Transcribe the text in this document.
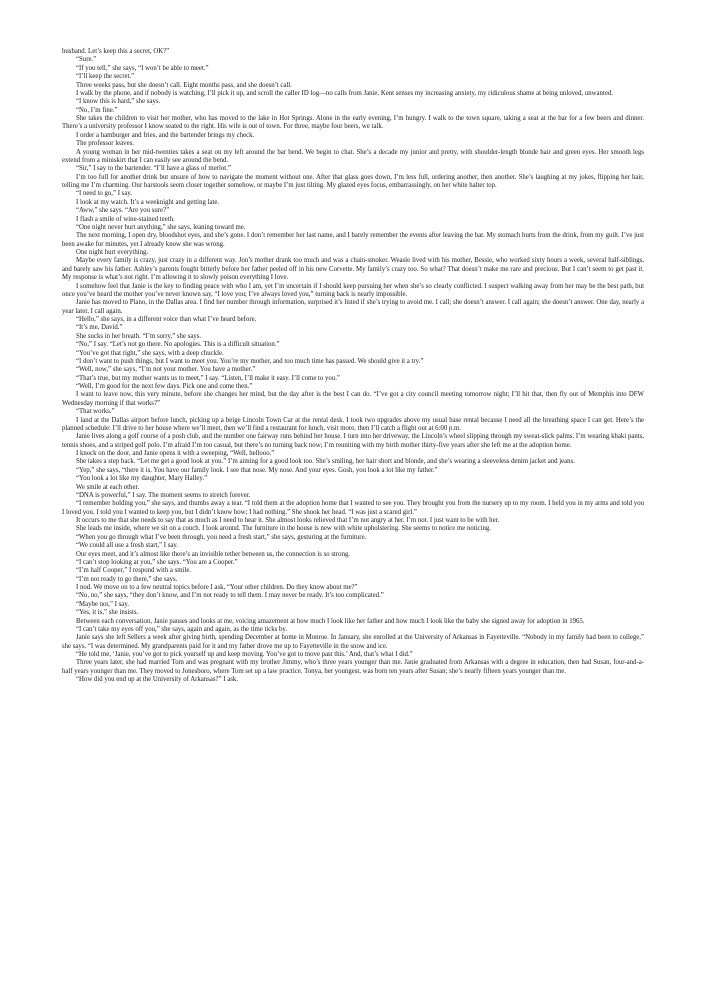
husband. Let’s keep this a secret, OK?”

“Sure.”

“If you tell,” she says, “I won’t be able to meet.”

“I’ll keep the secret.”

Three weeks pass, but she doesn’t call. Eight months pass, and she doesn’t call.

I walk by the phone, and if nobody is watching, I’ll pick it up, and scroll the caller ID log—no calls from Janie. Kent senses my increasing anxiety, my ridiculous shame at being unloved, unwanted.

“I know this is hard,” she says.

“No, I’m fine.”

She takes the children to visit her mother, who has moved to the lake in Hot Springs. Alone in the early evening, I’m hungry. I walk to the town square, taking a seat at the bar for a few beers and dinner. There’s a university professor I know seated to the right. His wife is out of town. For three, maybe four beers, we talk.

I order a hamburger and fries, and the bartender brings my check.

The professor leaves.

A young woman in her mid-twenties takes a seat on my left around the bar bend. We begin to chat. She’s a decade my junior and pretty, with shoulder-length blonde hair and green eyes. Her smooth legs extend from a miniskirt that I can easily see around the bend.

“Sir,” I say to the bartender. “I’ll have a glass of merlot.”

I’m too full for another drink but unsure of how to navigate the moment without one. After that glass goes down, I’m less full, ordering another, then another. She’s laughing at my jokes, flipping her hair, telling me I’m charming. Our barstools seem closer together somehow, or maybe I’m just tilting. My glazed eyes focus, embarrassingly, on her white halter top.

“I need to go,” I say.

I look at my watch. It’s a weeknight and getting late.

“Aww,” she says. “Are you sure?”

I flash a smile of wine-stained teeth.

“One night never hurt anything,” she says, leaning toward me.

The next morning, I open dry, bloodshot eyes, and she’s gone. I don’t remember her last name, and I barely remember the events after leaving the bar. My stomach hurts from the drink, from my guilt. I’ve just been awake for minutes, yet I already know she was wrong.

One night hurt everything.

Maybe every family is crazy, just crazy in a different way. Jon’s mother drank too much and was a chain-smoker. Weasle lived with his mother, Bessie, who worked sixty hours a week, several half-siblings, and barely saw his father. Ashley’s parents fought bitterly before her father peeled off in his new Corvette. My family’s crazy too. So what? That doesn’t make me rare and precious. But I can’t seem to get past it. My response is what’s not right. I’m allowing it to slowly poison everything I love.

I somehow feel that Janie is the key to finding peace with who I am, yet I’m uncertain if I should keep pursuing her when she’s so clearly conflicted. I suspect walking away from her may be the best path, but once you’ve heard the mother you’ve never known say, “I love you; I’ve always loved you,” turning back is nearly impossible.

Janie has moved to Plano, in the Dallas area. I find her number through information, surprised it’s listed if she’s trying to avoid me. I call; she doesn’t answer. I call again; she doesn’t answer. One day, nearly a year later, I call again.

“Hello,” she says, in a different voice than what I’ve heard before.

“It’s me, David.”

She sucks in her breath. “I’m sorry,” she says.

“No,” I say. “Let’s not go there. No apologies. This is a difficult situation.”

“You’ve got that right,” she says, with a deep chuckle.

“I don’t want to push things, but I want to meet you. You’re my mother, and too much time has passed. We should give it a try.”

“Well, now,” she says, “I’m not your mother. You have a mother.”

“That’s true, but my mother wants us to meet,” I say. “Listen, I’ll make it easy. I’ll come to you.”

“Well, I’m good for the next few days. Pick one and come then.”

I want to leave now, this very minute, before she changes her mind, but the day after is the best I can do. “I’ve got a city council meeting tomorrow night; I’ll hit that, then fly out of Memphis into DFW Wednesday morning if that works?”

“That works.”

I land at the Dallas airport before lunch, picking up a beige Lincoln Town Car at the rental desk. I took two upgrades above my usual base rental because I need all the breathing space I can get. Here’s the planned schedule: I’ll drive to her house where we’ll meet, then we’ll find a restaurant for lunch, visit more, then I’ll catch a flight out at 6:00 p.m.

Janie lives along a golf course of a posh club, and the number one fairway runs behind her house. I turn into her driveway, the Lincoln’s wheel slipping through my sweat-slick palms. I’m wearing khaki pants, tennis shoes, and a striped golf polo. I’m afraid I’m too casual, but there’s no turning back now; I’m reuniting with my birth mother thirty-five years after she left me at the adoption home.

I knock on the door, and Janie opens it with a sweeping, “Well, hellooo.”

She takes a step back. “Let me get a good look at you.” I’m aiming for a good look too. She’s smiling, her hair short and blonde, and she’s wearing a sleeveless denim jacket and jeans.

“Yep,” she says, “there it is. You have our family look. I see that nose. My nose. And your eyes. Gosh, you look a lot like my father.”

“You look a lot like my daughter, Mary Halley.”

We smile at each other.

“DNA is powerful,” I say. The moment seems to stretch forever.

“I remember holding you,” she says, and thumbs away a tear. “I told them at the adoption home that I wanted to see you. They brought you from the nursery up to my room. I held you in my arms and told you I loved you. I told you I wanted to keep you, but I didn’t know how; I had nothing.” She shook her head. “I was just a scared girl.”

It occurs to me that she needs to say that as much as I need to hear it. She almost looks relieved that I’m not angry at her. I’m not. I just want to be with her.

She leads me inside, where we sit on a couch. I look around. The furniture in the house is new with white upholstering. She seems to notice me noticing.

“When you go through what I’ve been through, you need a fresh start,” she says, gesturing at the furniture.

“We could all use a fresh start,” I say.

Our eyes meet, and it’s almost like there’s an invisible tether between us, the connection is so strong.

“I can’t stop looking at you,” she says. “You are a Cooper.”

“I’m half Cooper,” I respond with a smile.

“I’m not ready to go there,” she says.

I nod. We move on to a few neutral topics before I ask, “Your other children. Do they know about me?”

“No, no,” she says, “they don’t know, and I’m not ready to tell them. I may never be ready. It’s too complicated.”

“Maybe not,” I say.

“Yes, it is,” she insists.

Between each conversation, Janie pauses and looks at me, voicing amazement at how much I look like her father and how much I look like the baby she signed away for adoption in 1965.

“I can’t take my eyes off you,” she says, again and again, as the time ticks by.

Janie says she left Sellers a week after giving birth, spending December at home in Monroe. In January, she enrolled at the University of Arkansas in Fayetteville. “Nobody in my family had been to college,” she says. “I was determined. My grandparents paid for it and my father drove me up to Fayetteville in the snow and ice.

“He told me, ‘Janie, you’ve got to pick yourself up and keep moving. You’ve got to move past this.’ And, that’s what I did.”

Three years later, she had married Tom and was pregnant with my brother Jimmy, who’s three years younger than me. Janie graduated from Arkansas with a degree in education, then had Susan, four-and-a-half years younger than me. They moved to Jonesboro, where Tom set up a law practice. Tonya, her youngest, was born ten years after Susan; she’s nearly fifteen years younger than me.

“How did you end up at the University of Arkansas?” I ask.
